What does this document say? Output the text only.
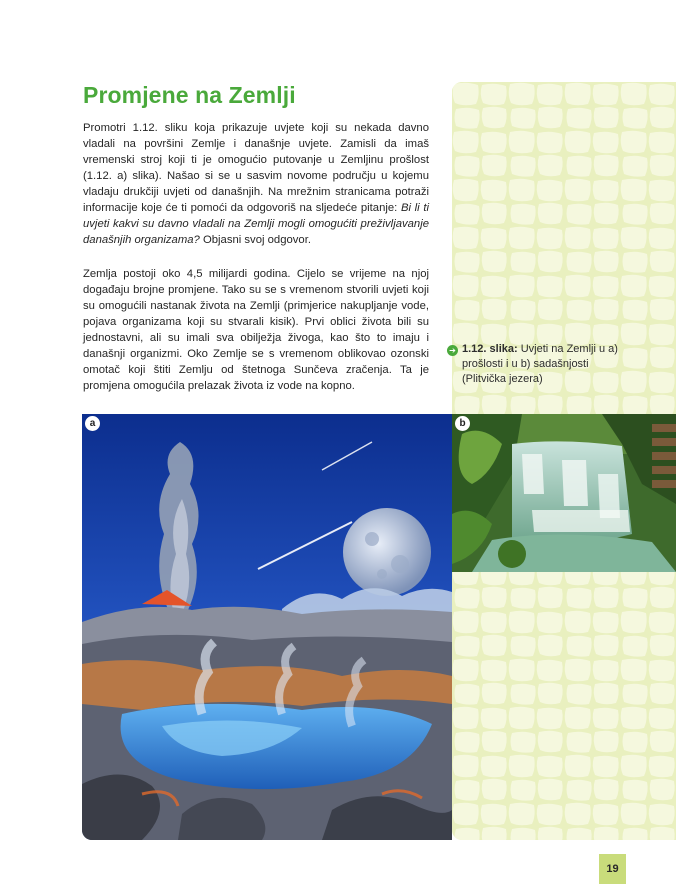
Promjene na Zemlji

Promotri 1.12. sliku koja prikazuje uvjete koji su nekada davno vladali na površini Zemlje i današnje uvjete. Zamisli da imaš vremenski stroj koji ti je omogućio putovanje u Zemljinu prošlost (1.12. a) slika). Našao si se u sasvim novome području u kojemu vladaju drukčiji uvjeti od današnjih. Na mrežnim stranicama potraži informacije koje će ti pomoći da odgovoriš na sljedeće pitanje: Bi li ti uvjeti kakvi su davno vladali na Zemlji mogli omogućiti preživljavanje današnjih organizama? Objasni svoj odgovor.

Zemlja postoji oko 4,5 milijardi godina. Cijelo se vrijeme na njoj događaju brojne promjene. Tako su se s vremenom stvorili uvjeti koji su omogućili nastanak života na Zemlji (primjerice nakupljanje vode, pojava organizama koji su stvarali kisik). Prvi oblici života bili su jednostavni, ali su imali sva obilježja živoga, kao što to imaju i današnji organizmi. Oko Zemlje se s vremenom oblikovao ozonski omotač koji štiti Zemlju od štetnoga Sunčeva zračenja. Ta je promjena omogućila prelazak života iz vode na kopno.

➔ 1.12. slika: Uvjeti na Zemlji u a) prošlosti i u b) sadašnjosti (Plitvička jezera)
a	b
19
